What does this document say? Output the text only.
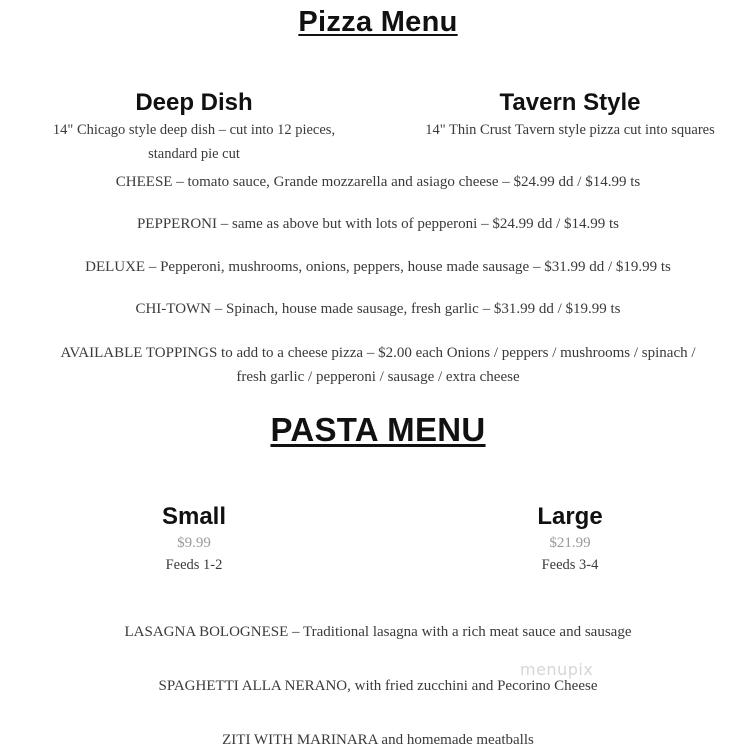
Pizza Menu
Deep Dish
14" Chicago style deep dish – cut into 12 pieces,
standard pie cut
Tavern Style
14" Thin Crust Tavern style pizza cut into squares
CHEESE – tomato sauce, Grande mozzarella and asiago cheese – $24.99 dd / $14.99 ts
PEPPERONI – same as above but with lots of pepperoni – $24.99 dd / $14.99 ts
DELUXE – Pepperoni, mushrooms, onions, peppers, house made sausage – $31.99 dd / $19.99 ts
CHI-TOWN – Spinach, house made sausage, fresh garlic – $31.99 dd / $19.99 ts
AVAILABLE TOPPINGS to add to a cheese pizza – $2.00 each Onions / peppers / mushrooms / spinach /
fresh garlic / pepperoni / sausage / extra cheese
PASTA MENU
Small
$9.99
Feeds 1-2
Large
$21.99
Feeds 3-4
LASAGNA BOLOGNESE – Traditional lasagna with a rich meat sauce and sausage
SPAGHETTI ALLA NERANO, with fried zucchini and Pecorino Cheese
ZITI WITH MARINARA and homemade meatballs
menupix
